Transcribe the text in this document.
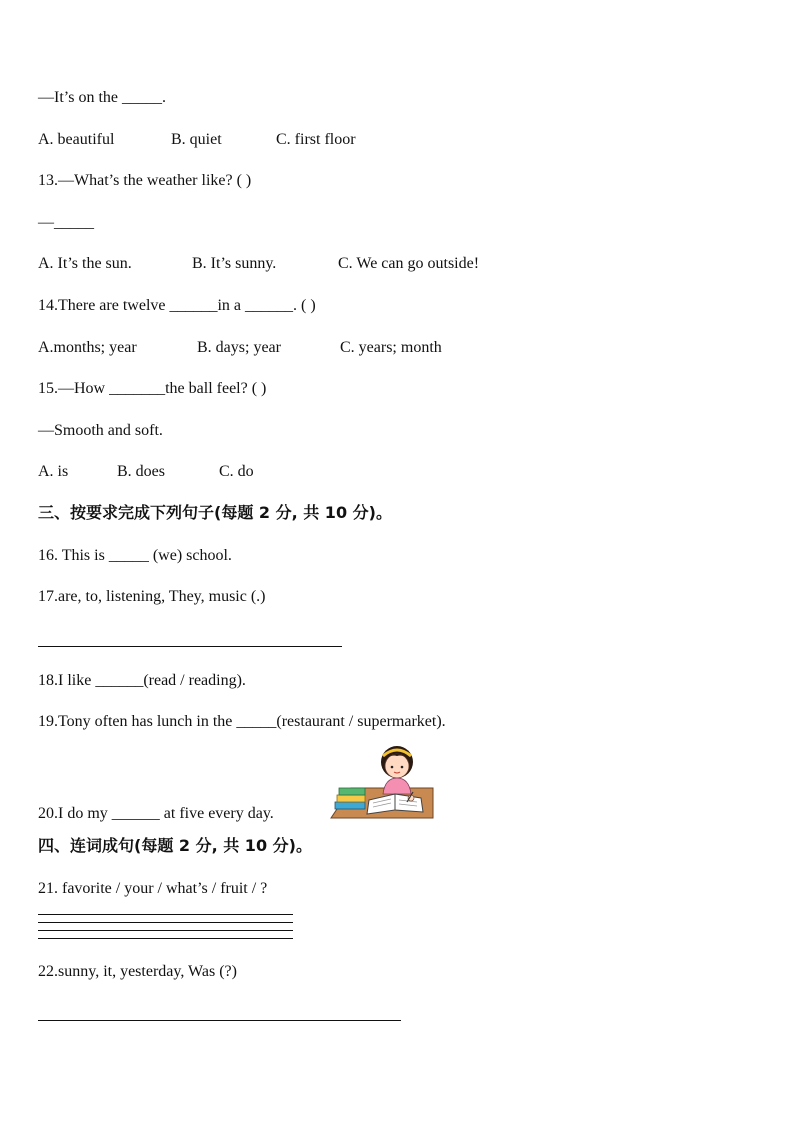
—It’s on the _____.
A. beautiful	B. quiet	C. first floor
13.—What’s the weather like? ( )
—_____
A. It’s the sun.	B. It’s sunny.	C. We can go outside!
14.There are twelve ______in a ______. ( )
A.months; year	B. days; year	C. years; month
15.—How _______the ball feel? ( )
—Smooth and soft.
A. is	B. does	C. do
三、按要求完成下列句子(每题 2 分, 共 10 分)。
16. This is _____ (we) school.
17.are, to, listening, They, music (.)
18.I like ______(read / reading).
19.Tony often has lunch in the _____(restaurant / supermarket).
20.I do my ______ at five every day.
四、连词成句(每题 2 分, 共 10 分)。
21. favorite / your / what’s / fruit / ?
22.sunny, it, yesterday, Was (?)
